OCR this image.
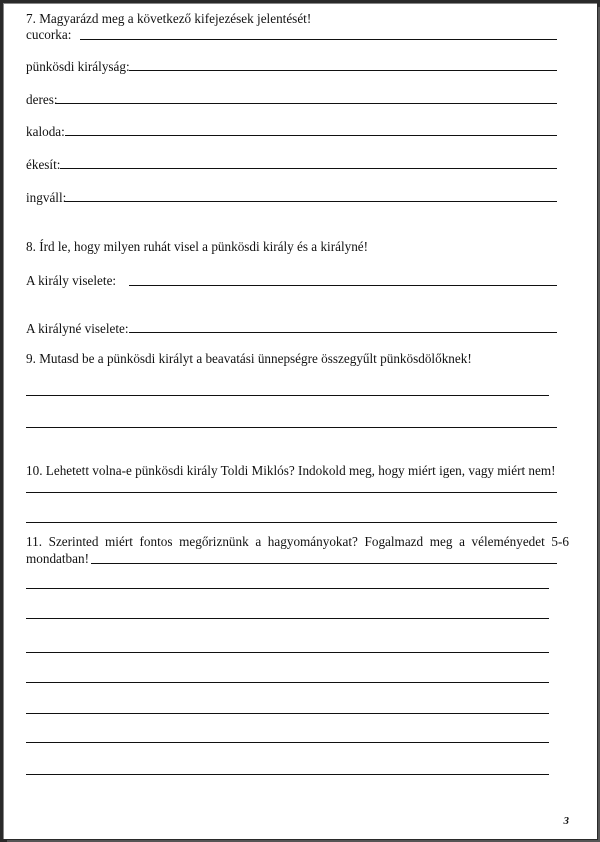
7. Magyarázd meg a következő kifejezések jelentését!
cucorka:
pünkösdi királyság:
deres:
kaloda:
ékesít:
ingváll:
8. Írd le, hogy milyen ruhát visel a pünkösdi király és a királyné!
A király viselete:
A királyné viselete:
9. Mutasd be a pünkösdi királyt a beavatási ünnepségre összegyűlt pünkösdölőknek!
10. Lehetett volna-e pünkösdi király Toldi Miklós? Indokold meg, hogy miért igen, vagy miért nem!
11. Szerinted miért fontos megőriznünk a hagyományokat? Fogalmazd meg a véleményedet 5-6
mondatban!
3
